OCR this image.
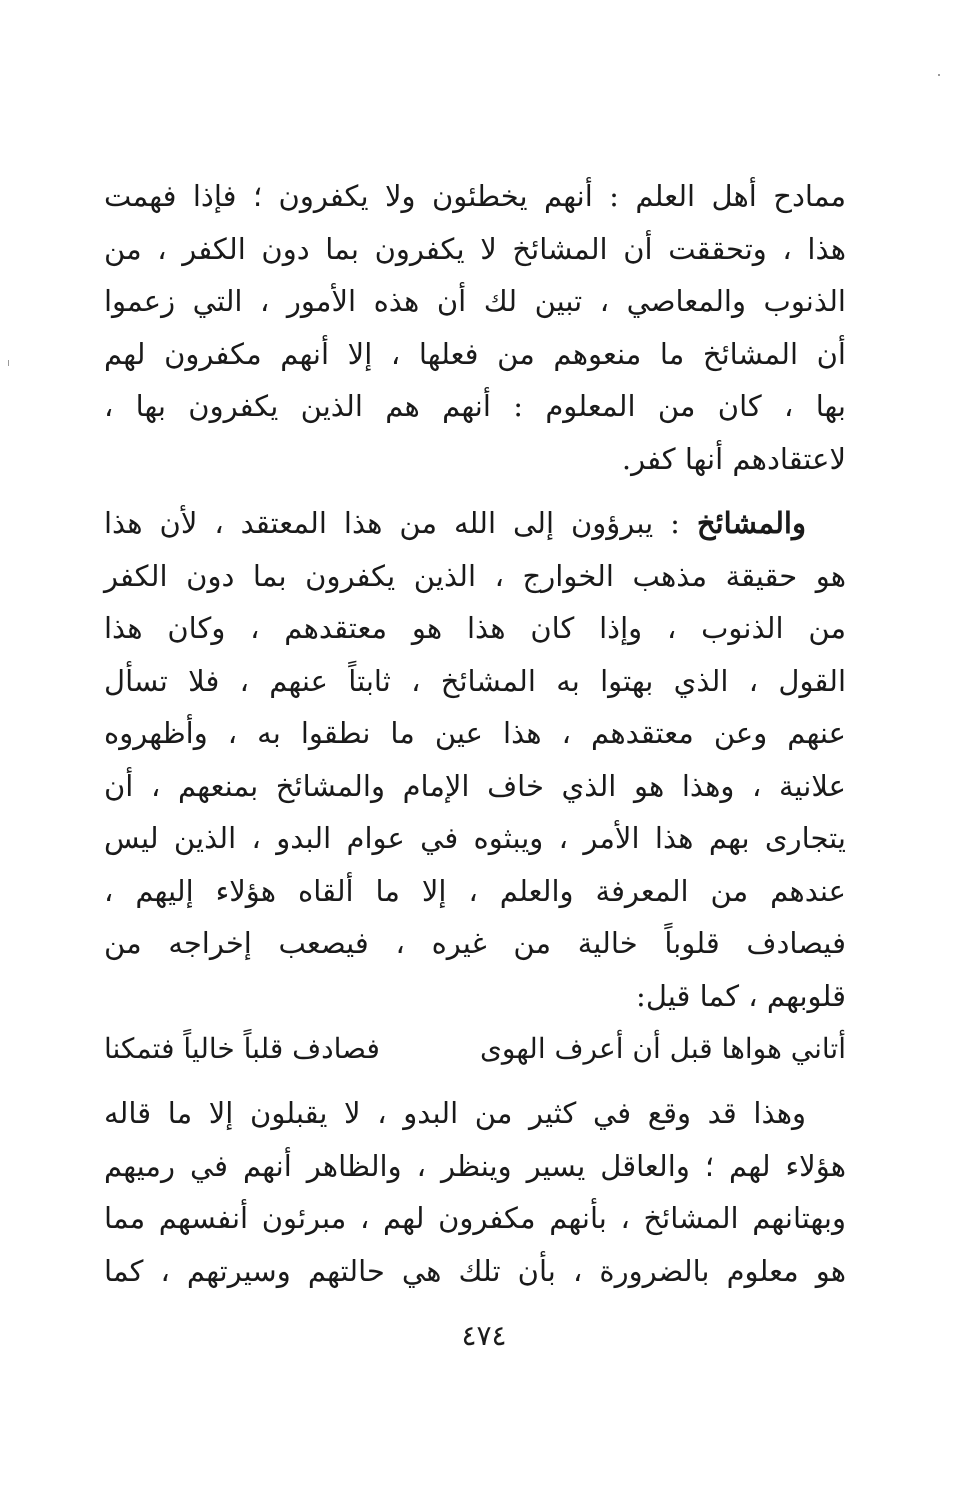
ممادح أهل العلم : أنهم يخطئون ولا يكفرون ؛ فإذا فهمت
هذا ، وتحققت أن المشائخ لا يكفرون بما دون الكفر ، من
الذنوب والمعاصي ، تبين لك أن هذه الأمور ، التي زعموا
أن المشائخ ما منعوهم من فعلها ، إلا أنهم مكفرون لهم
بها ، كان من المعلوم : أنهم هم الذين يكفرون بها ،
لاعتقادهم أنها كفر.
والمشائخ : يبرؤون إلى الله من هذا المعتقد ، لأن هذا
هو حقيقة مذهب الخوارج ، الذين يكفرون بما دون الكفر
من الذنوب ، وإذا كان هذا هو معتقدهم ، وكان هذا
القول ، الذي بهتوا به المشائخ ، ثابتاً عنهم ، فلا تسأل
عنهم وعن معتقدهم ، هذا عين ما نطقوا به ، وأظهروه
علانية ، وهذا هو الذي خاف الإمام والمشائخ بمنعهم ، أن
يتجارى بهم هذا الأمر ، ويبثوه في عوام البدو ، الذين ليس
عندهم من المعرفة والعلم ، إلا ما ألقاه هؤلاء إليهم ،
فيصادف قلوباً خالية من غيره ، فيصعب إخراجه من
قلوبهم ، كما قيل:
أتاني هواها قبل أن أعرف الهوى
فصادف قلباً خالياً فتمكنا
وهذا قد وقع في كثير من البدو ، لا يقبلون إلا ما قاله
هؤلاء لهم ؛ والعاقل يسير وينظر ، والظاهر أنهم في رميهم
وبهتانهم المشائخ ، بأنهم مكفرون لهم ، مبرئون أنفسهم مما
هو معلوم بالضرورة ، بأن تلك هي حالتهم وسيرتهم ، كما
٤٧٤
